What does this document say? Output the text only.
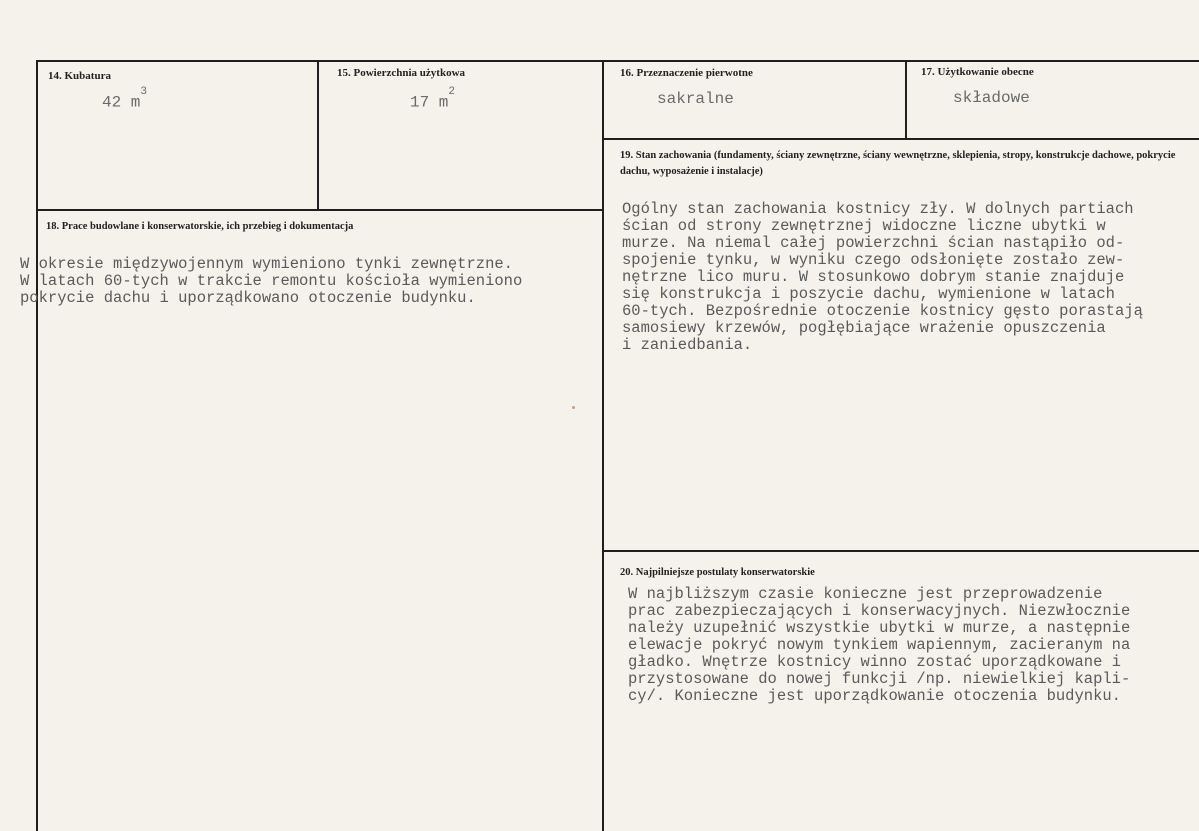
14. Kubatura
42 $m^3$
15. Powierzchnia użytkowa
17 $m^2$
16. Przeznaczenie pierwotne
sakralne
17. Użytkowanie obecne
składowe
18. Prace budowlane i konserwatorskie, ich przebieg i dokumentacja
W okresie międzywojennym wymieniono tynki zewnętrzne.
W latach 60-tych w trakcie remontu kościoła wymieniono
pokrycie dachu i uporządkowano otoczenie budynku.
19. Stan zachowania (fundamenty, ściany zewnętrzne, ściany wewnętrzne, sklepienia, stropy, konstrukcje dachowe, pokrycie dachu, wyposażenie i instalacje)
Ogólny stan zachowania kostnicy zły. W dolnych partiach
ścian od strony zewnętrznej widoczne liczne ubytki w
murze. Na niemal całej powierzchni ścian nastąpiło od-
spojenie tynku, w wyniku czego odsłonięte zostało zew-
nętrzne lico muru. W stosunkowo dobrym stanie znajduje
się konstrukcja i poszycie dachu, wymienione w latach
60-tych. Bezpośrednie otoczenie kostnicy gęsto porastają
samosiewy krzewów, pogłębiające wrażenie opuszczenia
i zaniedbania.
20. Najpilniejsze postulaty konserwatorskie
W najbliższym czasie konieczne jest przeprowadzenie
prac zabezpieczających i konserwacyjnych. Niezwłocznie
należy uzupełnić wszystkie ubytki w murze, a następnie
elewacje pokryć nowym tynkiem wapiennym, zacieranym na
gładko. Wnętrze kostnicy winno zostać uporządkowane i
przystosowane do nowej funkcji /np. niewielkiej kapli-
cy/. Konieczne jest uporządkowanie otoczenia budynku.
